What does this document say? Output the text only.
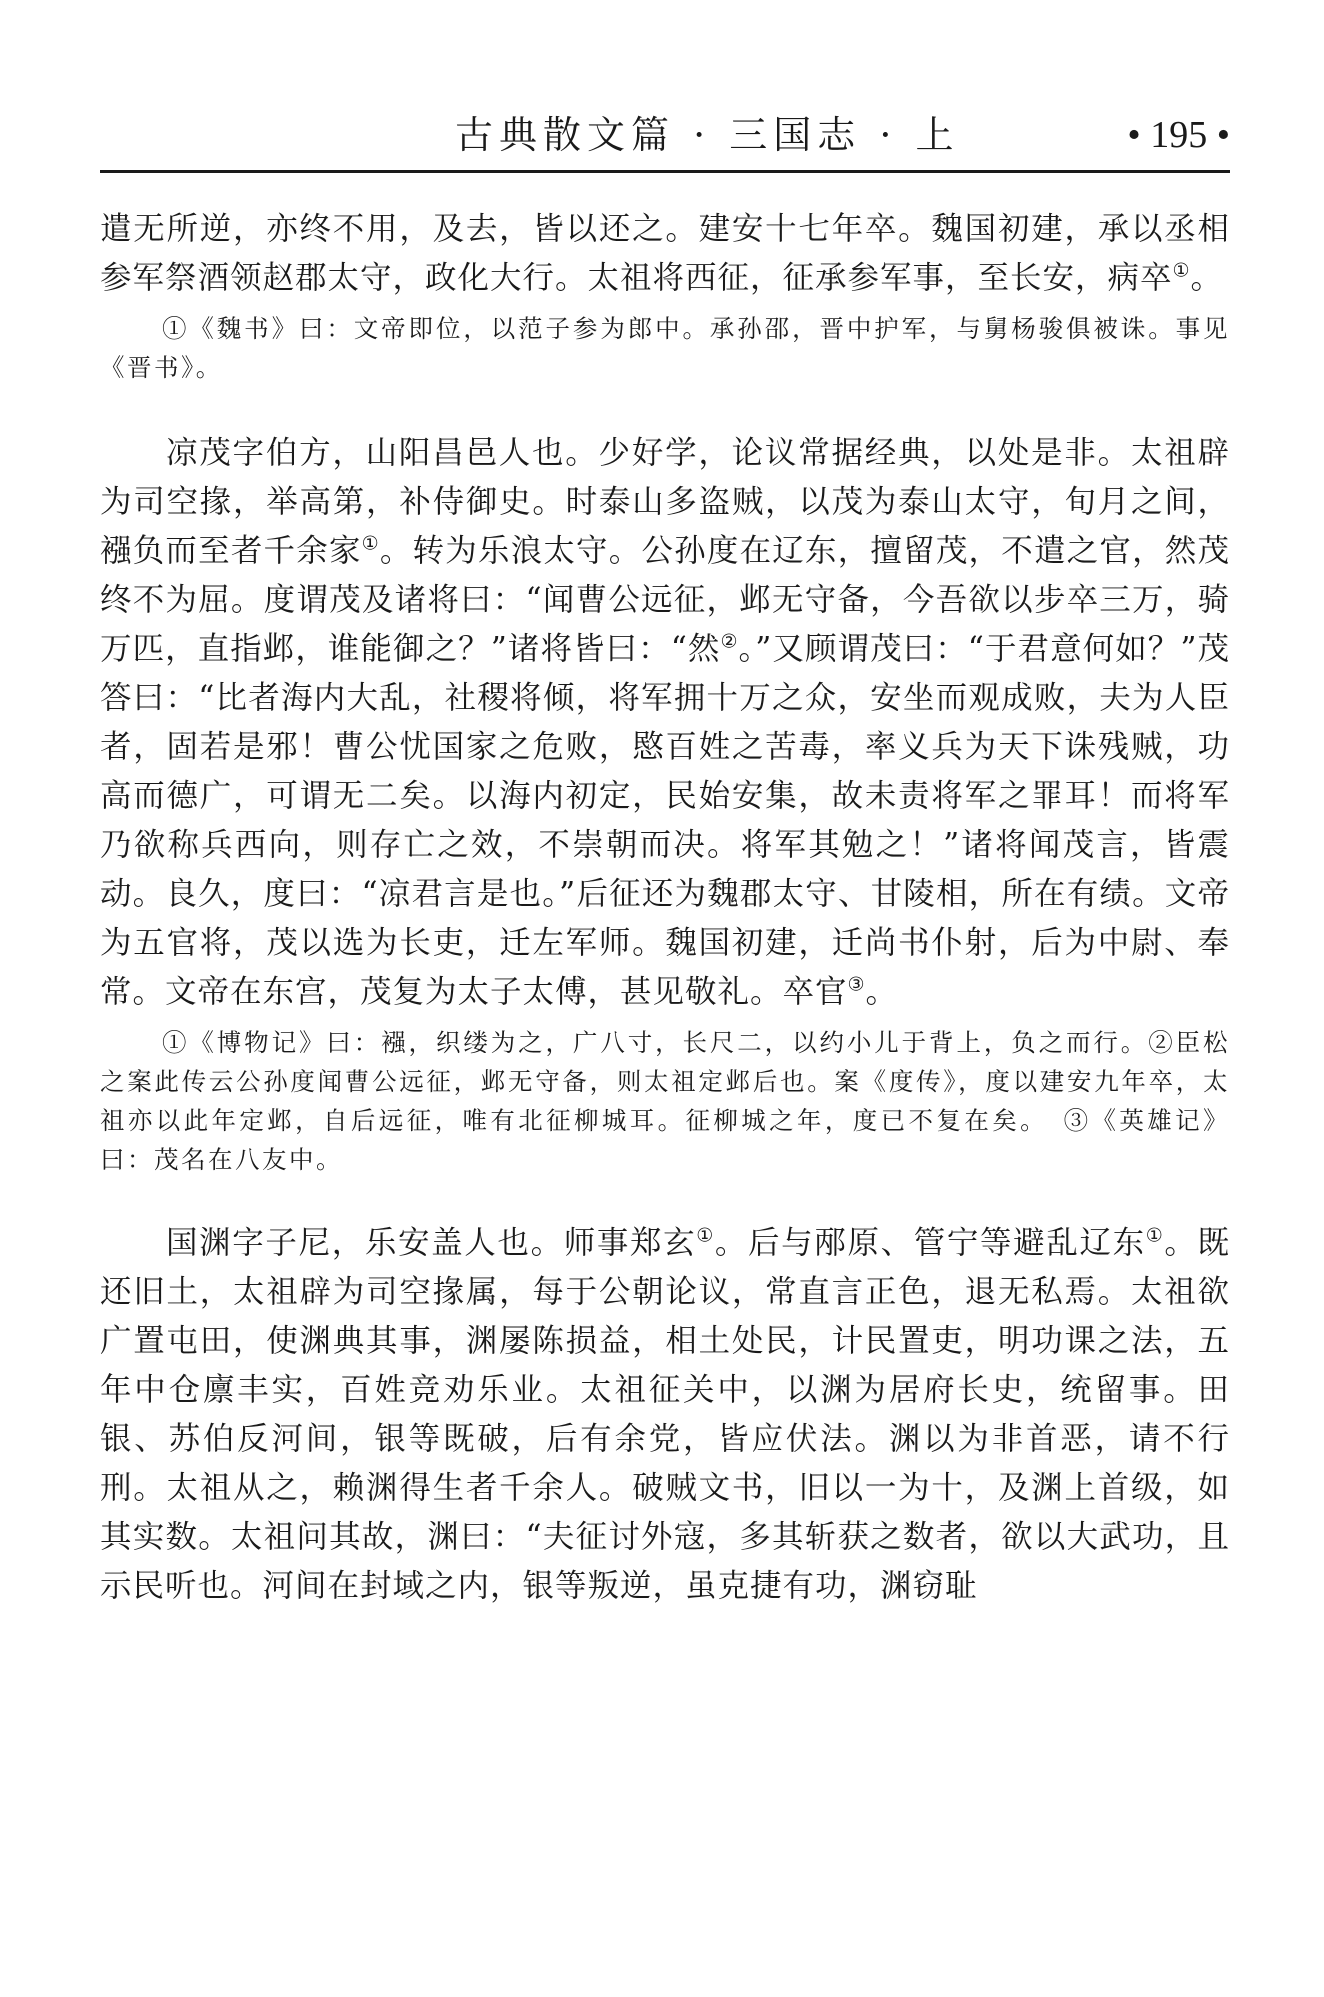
古典散文篇 · 三国志 · 上	• 195 •

遣无所逆，亦终不用，及去，皆以还之。建安十七年卒。魏国初建，承以丞相参军祭酒领赵郡太守，政化大行。太祖将西征，征承参军事，至长安，病卒①。

①《魏书》曰：文帝即位，以范子参为郎中。承孙邵，晋中护军，与舅杨骏俱被诛。事见《晋书》。

凉茂字伯方，山阳昌邑人也。少好学，论议常据经典，以处是非。太祖辟为司空掾，举高第，补侍御史。时泰山多盗贼，以茂为泰山太守，旬月之间，襁负而至者千余家①。转为乐浪太守。公孙度在辽东，擅留茂，不遣之官，然茂终不为屈。度谓茂及诸将曰：“闻曹公远征，邺无守备，今吾欲以步卒三万，骑万匹，直指邺，谁能御之？”诸将皆曰：“然②。”又顾谓茂曰：“于君意何如？”茂答曰：“比者海内大乱，社稷将倾，将军拥十万之众，安坐而观成败，夫为人臣者，固若是邪！曹公忧国家之危败，愍百姓之苦毒，率义兵为天下诛残贼，功高而德广，可谓无二矣。以海内初定，民始安集，故未责将军之罪耳！而将军乃欲称兵西向，则存亡之效，不崇朝而决。将军其勉之！”诸将闻茂言，皆震动。良久，度曰：“凉君言是也。”后征还为魏郡太守、甘陵相，所在有绩。文帝为五官将，茂以选为长吏，迁左军师。魏国初建，迁尚书仆射，后为中尉、奉常。文帝在东宫，茂复为太子太傅，甚见敬礼。卒官③。

①《博物记》曰：襁，织缕为之，广八寸，长尺二，以约小儿于背上，负之而行。②臣松之案此传云公孙度闻曹公远征，邺无守备，则太祖定邺后也。案《度传》，度以建安九年卒，太祖亦以此年定邺，自后远征，唯有北征柳城耳。征柳城之年，度已不复在矣。　③《英雄记》曰：茂名在八友中。

国渊字子尼，乐安盖人也。师事郑玄①。后与邴原、管宁等避乱辽东①。既还旧土，太祖辟为司空掾属，每于公朝论议，常直言正色，退无私焉。太祖欲广置屯田，使渊典其事，渊屡陈损益，相土处民，计民置吏，明功课之法，五年中仓廪丰实，百姓竞劝乐业。太祖征关中，以渊为居府长史，统留事。田银、苏伯反河间，银等既破，后有余党，皆应伏法。渊以为非首恶，请不行刑。太祖从之，赖渊得生者千余人。破贼文书，旧以一为十，及渊上首级，如其实数。太祖问其故，渊曰：“夫征讨外寇，多其斩获之数者，欲以大武功，且示民听也。河间在封域之内，银等叛逆，虽克捷有功，渊窃耻
